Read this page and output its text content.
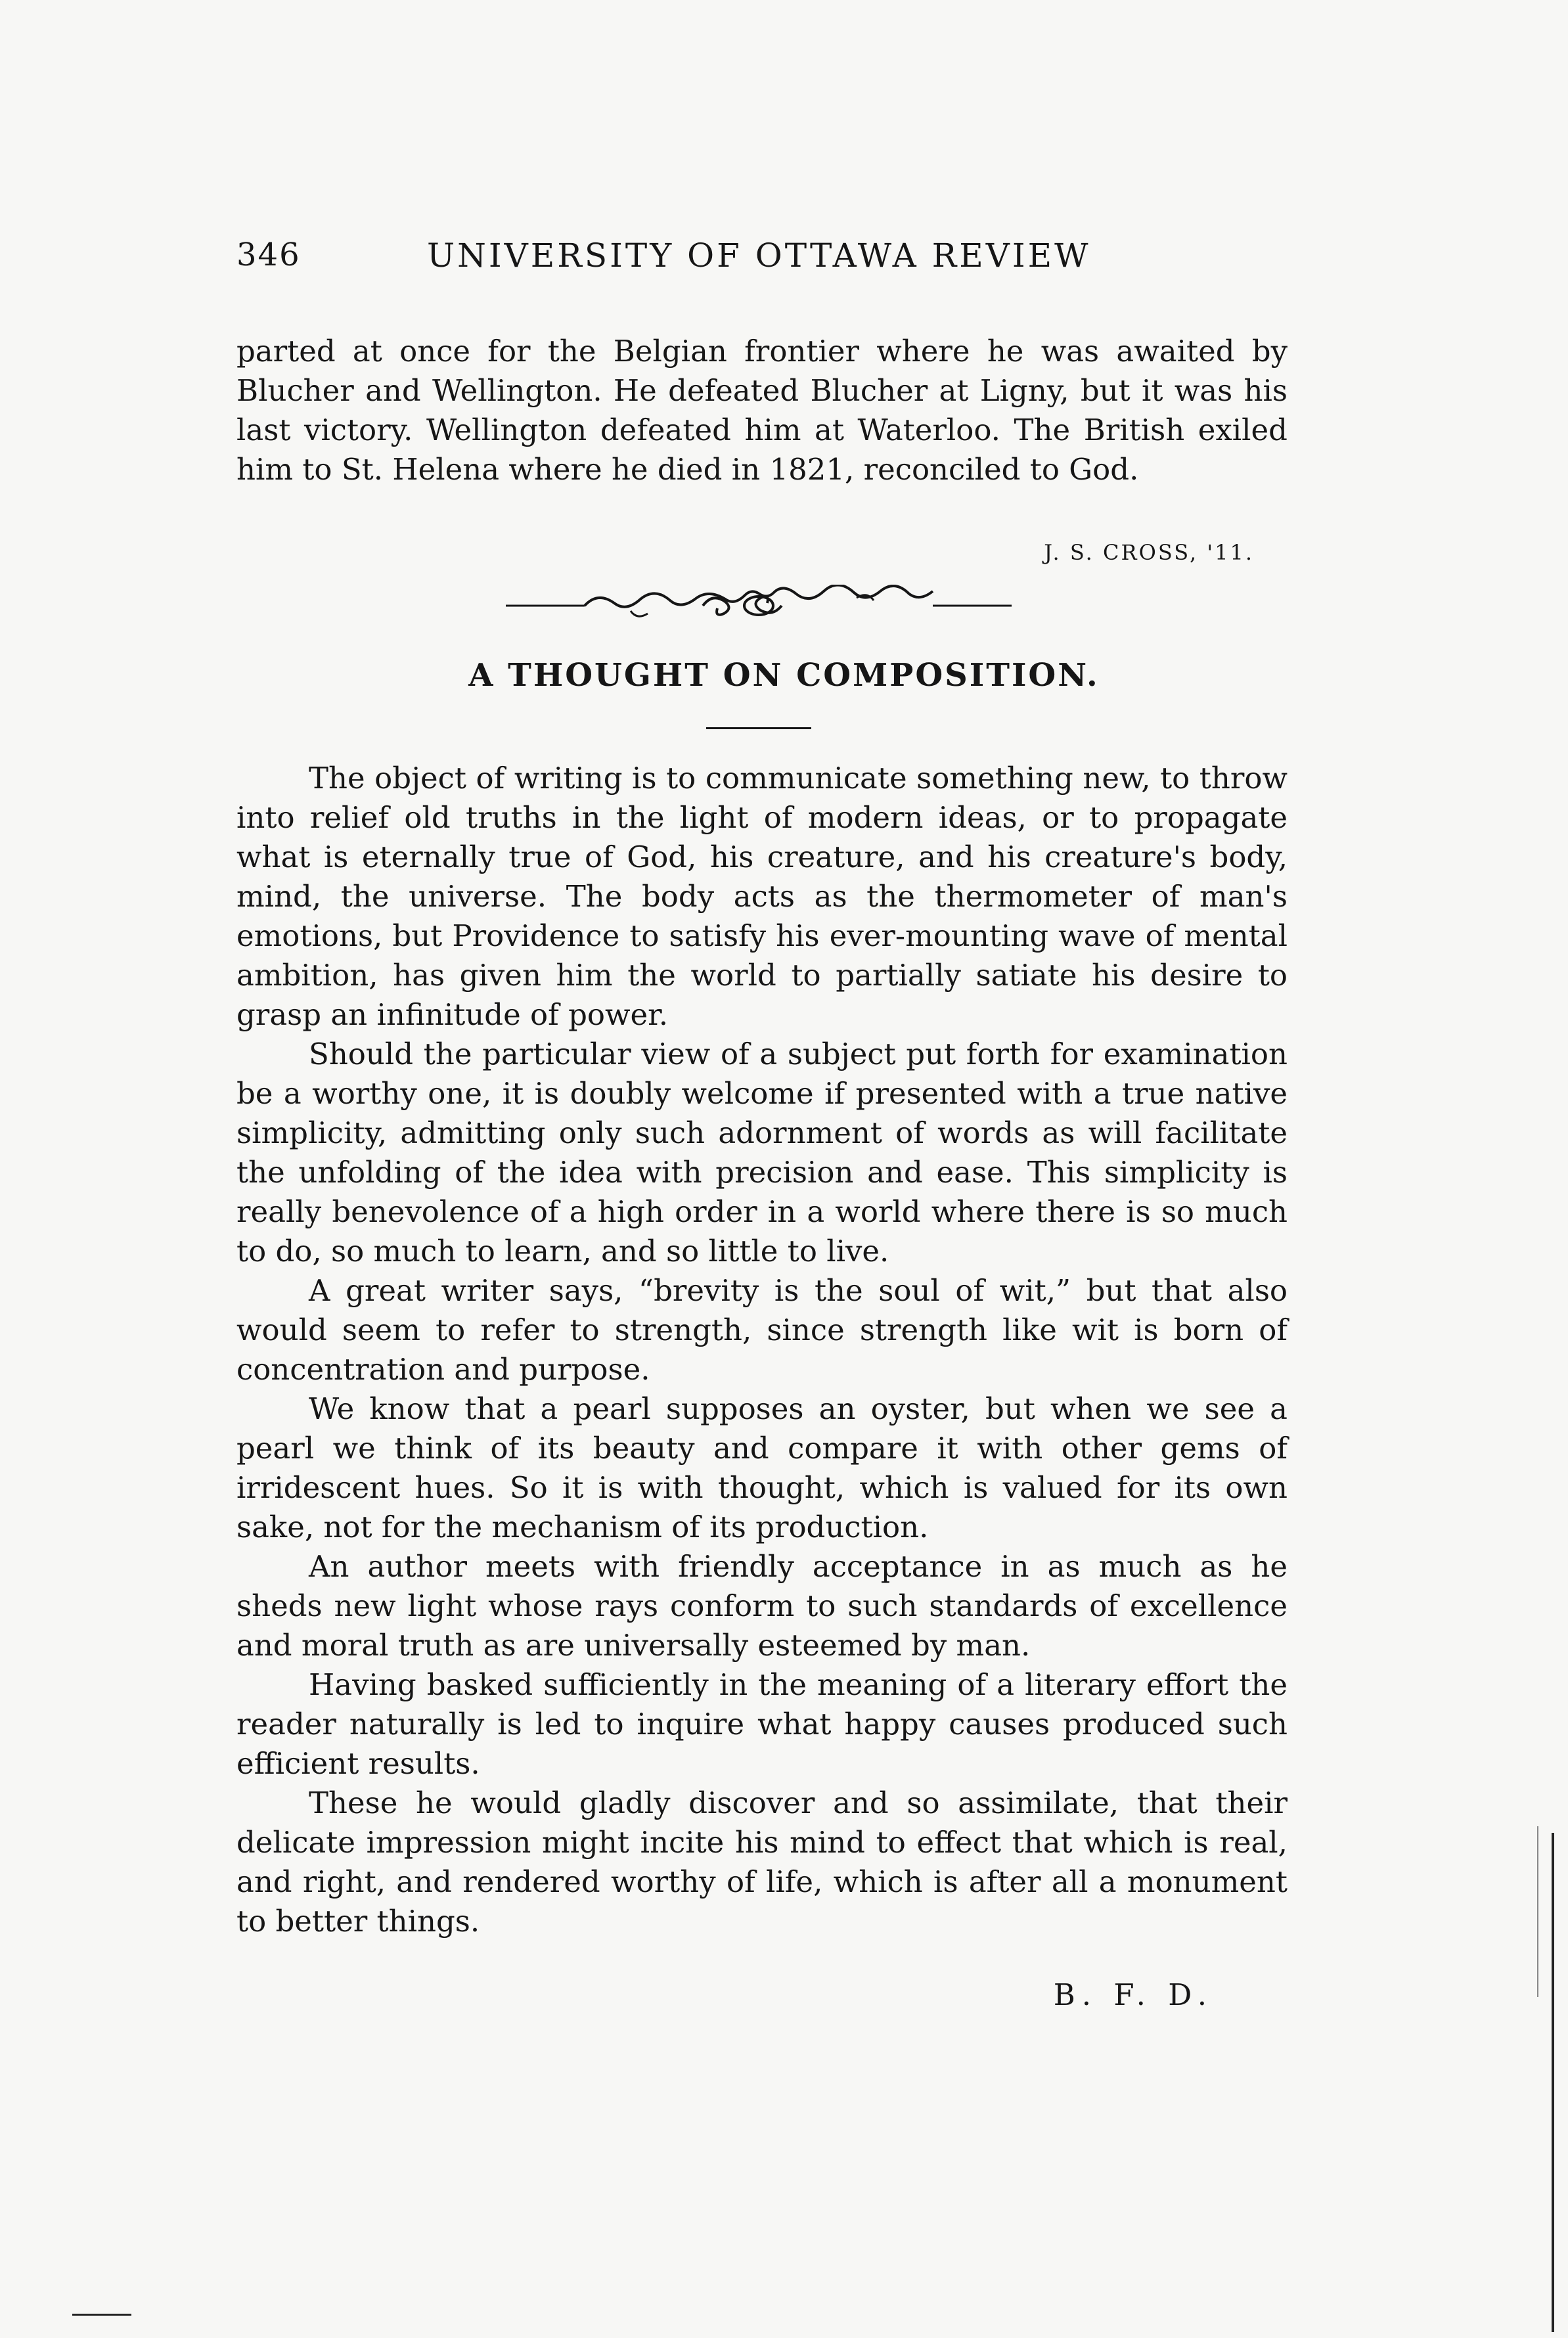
346	UNIVERSITY OF OTTAWA REVIEW

parted at once for the Belgian frontier where he was awaited by Blucher and Wellington. He defeated Blucher at Ligny, but it was his last victory. Wellington defeated him at Waterloo. The British exiled him to St. Helena where he died in 1821, reconciled to God.

J. S. CROSS, '11.
A THOUGHT ON COMPOSITION.

The object of writing is to communicate something new, to throw into relief old truths in the light of modern ideas, or to propagate what is eternally true of God, his creature, and his creature's body, mind, the universe. The body acts as the thermometer of man's emotions, but Providence to satisfy his ever-mounting wave of mental ambition, has given him the world to partially satiate his desire to grasp an infinitude of power.

Should the particular view of a subject put forth for examination be a worthy one, it is doubly welcome if presented with a true native simplicity, admitting only such adornment of words as will facilitate the unfolding of the idea with precision and ease. This simplicity is really benevolence of a high order in a world where there is so much to do, so much to learn, and so little to live.

A great writer says, “brevity is the soul of wit,” but that also would seem to refer to strength, since strength like wit is born of concentration and purpose.

We know that a pearl supposes an oyster, but when we see a pearl we think of its beauty and compare it with other gems of irridescent hues. So it is with thought, which is valued for its own sake, not for the mechanism of its production.

An author meets with friendly acceptance in as much as he sheds new light whose rays conform to such standards of excellence and moral truth as are universally esteemed by man.

Having basked sufficiently in the meaning of a literary effort the reader naturally is led to inquire what happy causes produced such efficient results.

These he would gladly discover and so assimilate, that their delicate impression might incite his mind to effect that which is real, and right, and rendered worthy of life, which is after all a monument to better things.

B. F. D.
